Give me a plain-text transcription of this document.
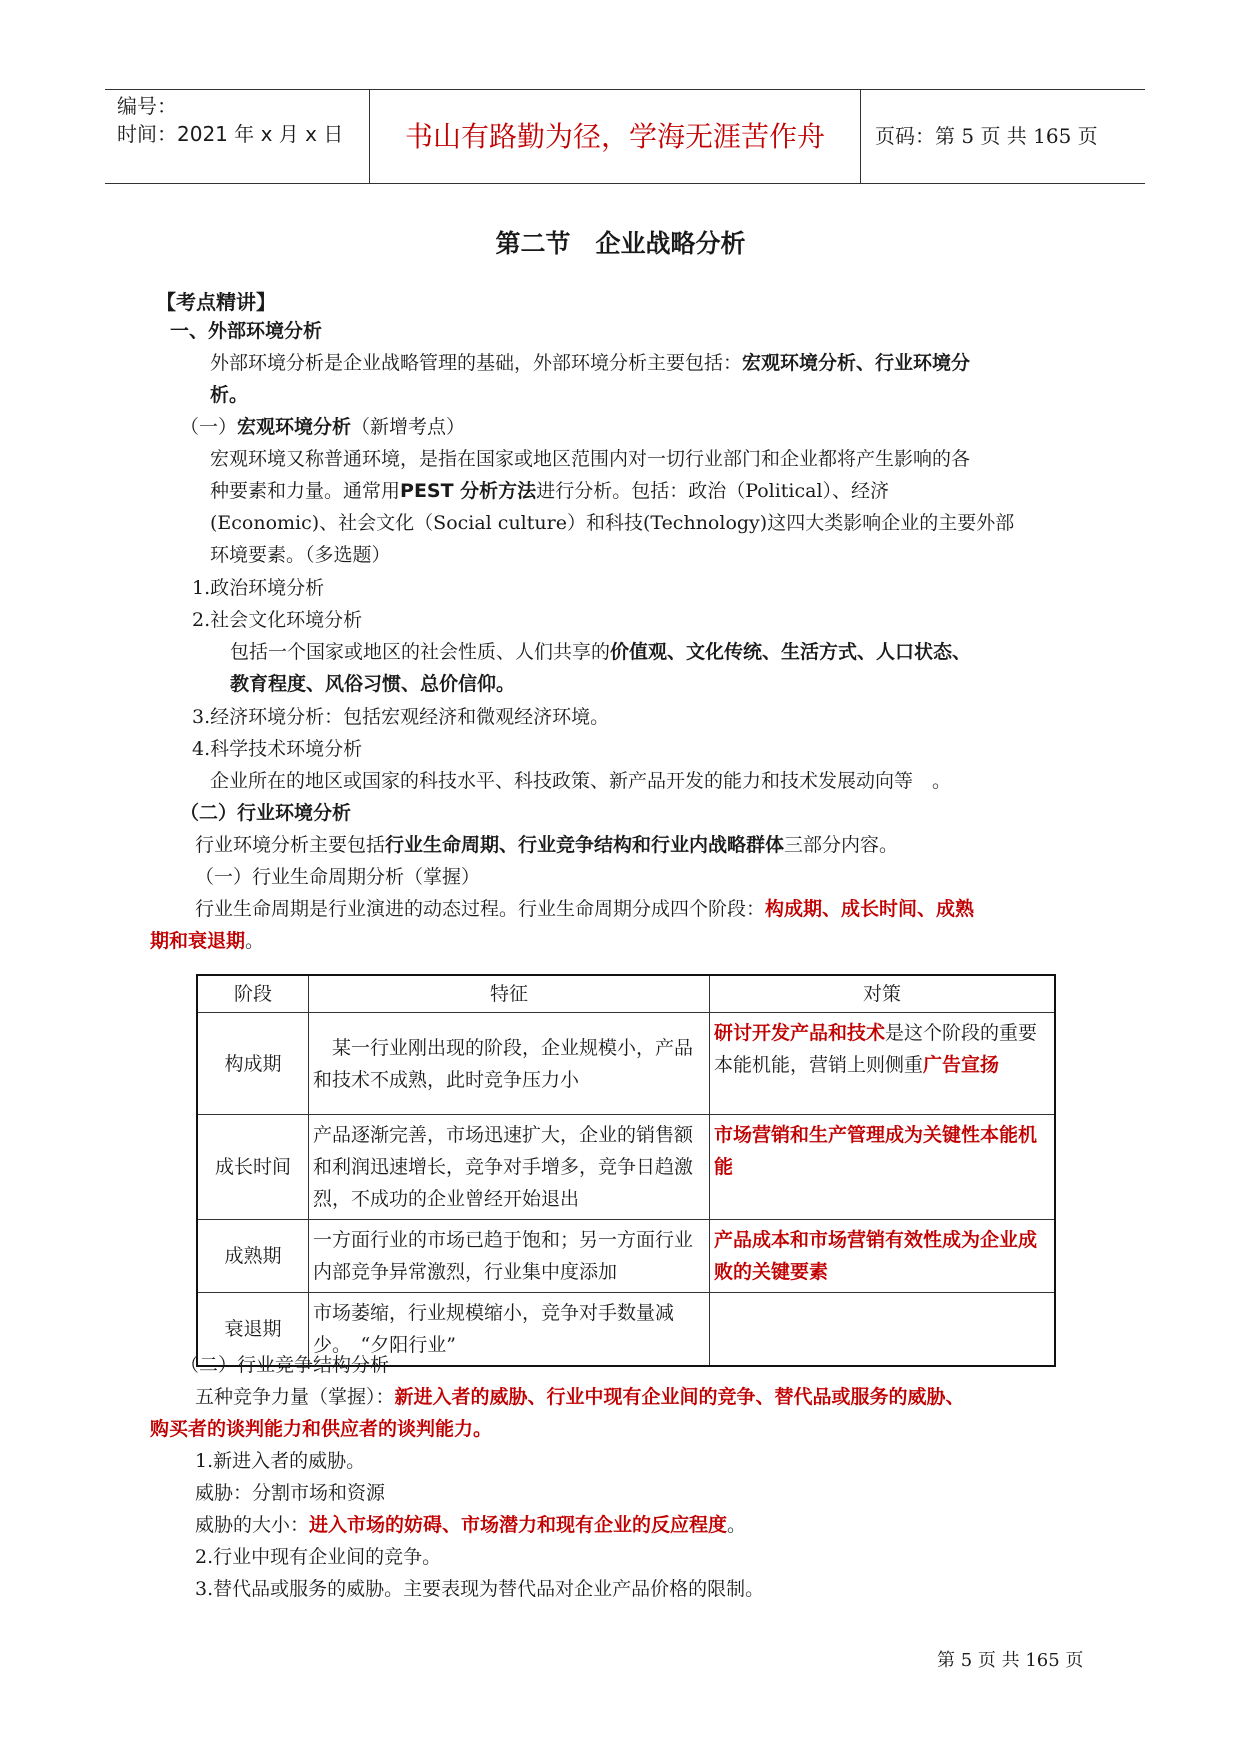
编号：
时间：2021 年 x 月 x 日	书山有路勤为径，学海无涯苦作舟	页码：第 5 页 共 165 页
第二节　企业战略分析
【考点精讲】
一、外部环境分析
外部环境分析是企业战略管理的基础，外部环境分析主要包括：宏观环境分析、行业环境分
析。
（一）宏观环境分析（新增考点）
宏观环境又称普通环境，是指在国家或地区范围内对一切行业部门和企业都将产生影响的各
种要素和力量。通常用PEST 分析方法进行分析。包括：政治（Political）、经济
(Economic)、社会文化（Social culture）和科技(Technology)这四大类影响企业的主要外部
环境要素。（多选题）
1.政治环境分析
2.社会文化环境分析
包括一个国家或地区的社会性质、人们共享的价值观、文化传统、生活方式、人口状态、
教育程度、风俗习惯、总价信仰。
3.经济环境分析：包括宏观经济和微观经济环境。
4.科学技术环境分析
企业所在的地区或国家的科技水平、科技政策、新产品开发的能力和技术发展动向等　。
（二）行业环境分析
行业环境分析主要包括行业生命周期、行业竞争结构和行业内战略群体三部分内容。
（一）行业生命周期分析（掌握）
行业生命周期是行业演进的动态过程。行业生命周期分成四个阶段：构成期、成长时间、成熟
期和衰退期。
阶段	特征	对策
构成期	　某一行业刚出现的阶段，企业规模小，产品和技术不成熟，此时竞争压力小	研讨开发产品和技术是这个阶段的重要本能机能，营销上则侧重广告宣扬
成长时间	产品逐渐完善，市场迅速扩大，企业的销售额和利润迅速增长，竞争对手增多，竞争日趋激烈，不成功的企业曾经开始退出	市场营销和生产管理成为关键性本能机能
成熟期	一方面行业的市场已趋于饱和；另一方面行业内部竞争异常激烈，行业集中度添加	产品成本和市场营销有效性成为企业成败的关键要素
衰退期	市场萎缩，行业规模缩小，竞争对手数量减少。　“夕阳行业”	
（二）行业竞争结构分析
五种竞争力量（掌握）：新进入者的威胁、行业中现有企业间的竞争、替代品或服务的威胁、
购买者的谈判能力和供应者的谈判能力。
1.新进入者的威胁。
威胁：分割市场和资源
威胁的大小：进入市场的妨碍、市场潜力和现有企业的反应程度。
2.行业中现有企业间的竞争。
3.替代品或服务的威胁。主要表现为替代品对企业产品价格的限制。
第 5 页 共 165 页
